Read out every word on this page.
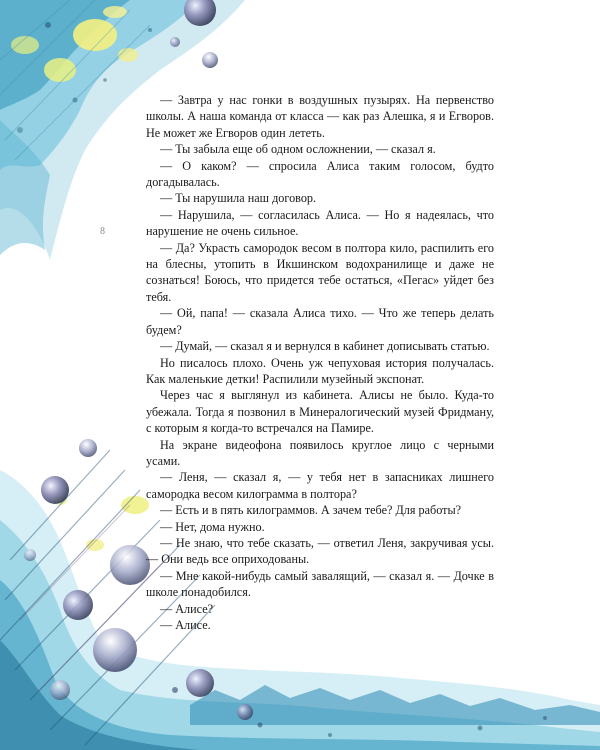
8

— Завтра у нас гонки в воздушных пузырях. На первенство школы. А наша команда от класса — как раз Алешка, я и Егворов. Не может же Егворов один лететь.

— Ты забыла еще об одном осложнении, — сказал я.

— О каком? — спросила Алиса таким голосом, будто догадывалась.

— Ты нарушила наш договор.

— Нарушила, — согласилась Алиса. — Но я надеялась, что нарушение не очень сильное.

— Да? Украсть самородок весом в полтора кило, распилить его на блесны, утопить в Икшинском водохранилище и даже не сознаться! Боюсь, что придется тебе остаться, «Пегас» уйдет без тебя.

— Ой, папа! — сказала Алиса тихо. — Что же теперь делать будем?

— Думай, — сказал я и вернулся в кабинет дописывать статью.

Но писалось плохо. Очень уж чепуховая история получалась. Как маленькие детки! Распилили музейный экспонат.

Через час я выглянул из кабинета. Алисы не было. Куда-то убежала. Тогда я позвонил в Минералогический музей Фридману, с которым я когда-то встречался на Памире.

На экране видеофона появилось круглое лицо с черными усами.

— Леня, — сказал я, — у тебя нет в запасниках лишнего самородка весом килограмма в полтора?

— Есть и в пять килограммов. А зачем тебе? Для работы?

— Нет, дома нужно.

— Не знаю, что тебе сказать, — ответил Леня, закручивая усы. — Они ведь все оприходованы.

— Мне какой-нибудь самый завалящий, — сказал я. — Дочке в школе понадобился.

— Алисе?

— Алисе.
